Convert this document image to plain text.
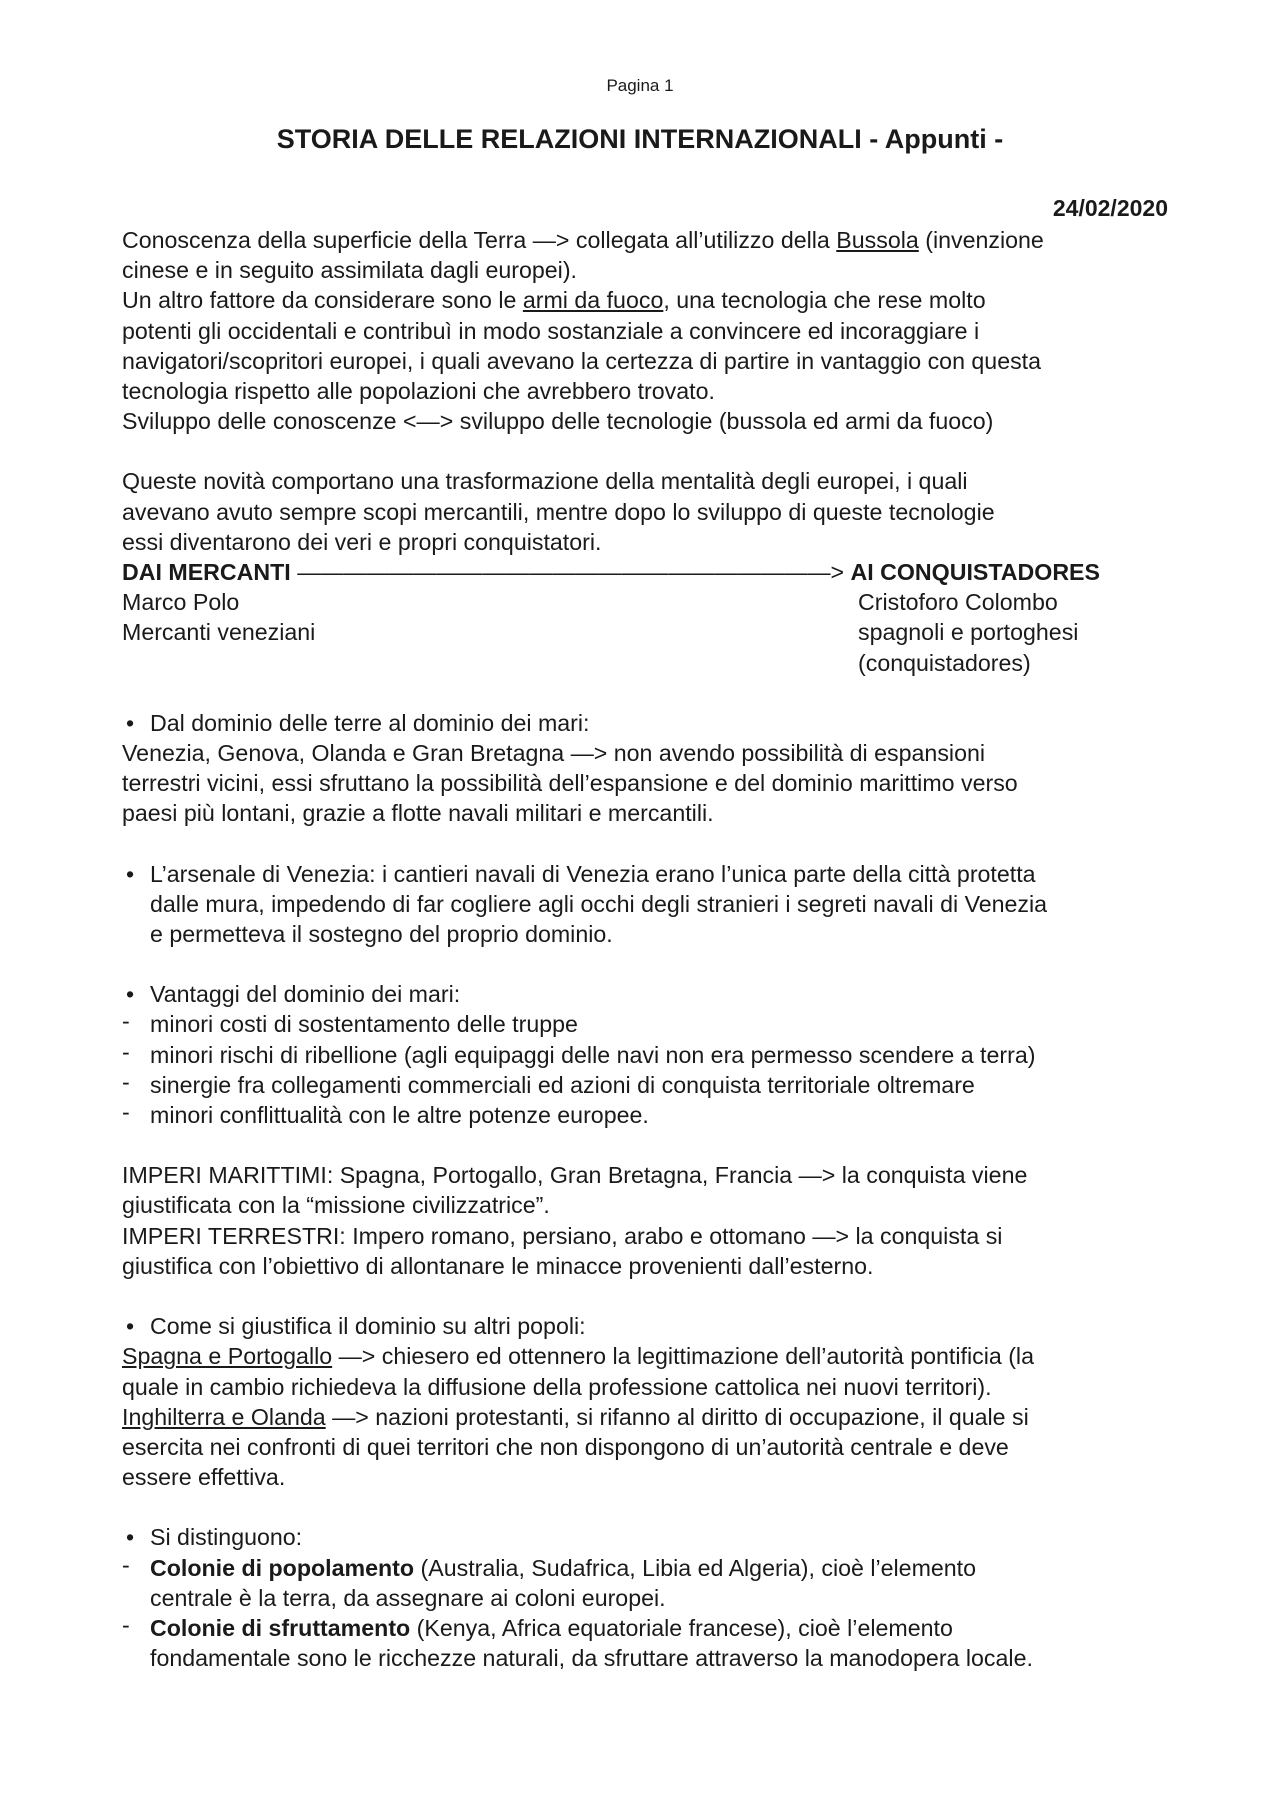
Pagina 1
STORIA DELLE RELAZIONI INTERNAZIONALI - Appunti -
24/02/2020

Conoscenza della superficie della Terra —> collegata all’utilizzo della Bussola (invenzione

cinese e in seguito assimilata dagli europei).

Un altro fattore da considerare sono le armi da fuoco, una tecnologia che rese molto

potenti gli occidentali e contribuì in modo sostanziale a convincere ed incoraggiare i

navigatori/scopritori europei, i quali avevano la certezza di partire in vantaggio con questa

tecnologia rispetto alle popolazioni che avrebbero trovato.

Sviluppo delle conoscenze <—> sviluppo delle tecnologie (bussola ed armi da fuoco)

Queste novità comportano una trasformazione della mentalità degli europei, i quali

avevano avuto sempre scopi mercantili, mentre dopo lo sviluppo di queste tecnologie

essi diventarono dei veri e propri conquistatori.

DAI MERCANTI ———————————————————————> AI CONQUISTADORES

Marco Polo	Cristoforo Colombo
Mercanti veneziani	spagnoli e portoghesi
(conquistadores)

• Dal dominio delle terre al dominio dei mari:

Venezia, Genova, Olanda e Gran Bretagna —> non avendo possibilità di espansioni

terrestri vicini, essi sfruttano la possibilità dell’espansione e del dominio marittimo verso

paesi più lontani, grazie a flotte navali militari e mercantili.

• L’arsenale di Venezia: i cantieri navali di Venezia erano l’unica parte della città protetta

dalle mura, impedendo di far cogliere agli occhi degli stranieri i segreti navali di Venezia

e permetteva il sostegno del proprio dominio.

• Vantaggi del dominio dei mari:

- minori costi di sostentamento delle truppe

- minori rischi di ribellione (agli equipaggi delle navi non era permesso scendere a terra)

- sinergie fra collegamenti commerciali ed azioni di conquista territoriale oltremare

- minori conflittualità con le altre potenze europee.

IMPERI MARITTIMI: Spagna, Portogallo, Gran Bretagna, Francia —> la conquista viene

giustificata con la “missione civilizzatrice”.

IMPERI TERRESTRI: Impero romano, persiano, arabo e ottomano —> la conquista si

giustifica con l’obiettivo di allontanare le minacce provenienti dall’esterno.

• Come si giustifica il dominio su altri popoli:

Spagna e Portogallo —> chiesero ed ottennero la legittimazione dell’autorità pontificia (la

quale in cambio richiedeva la diffusione della professione cattolica nei nuovi territori).

Inghilterra e Olanda —> nazioni protestanti, si rifanno al diritto di occupazione, il quale si

esercita nei confronti di quei territori che non dispongono di un’autorità centrale e deve

essere effettiva.

• Si distinguono:

- Colonie di popolamento (Australia, Sudafrica, Libia ed Algeria), cioè l’elemento

centrale è la terra, da assegnare ai coloni europei.

- Colonie di sfruttamento (Kenya, Africa equatoriale francese), cioè l’elemento

fondamentale sono le ricchezze naturali, da sfruttare attraverso la manodopera locale.
